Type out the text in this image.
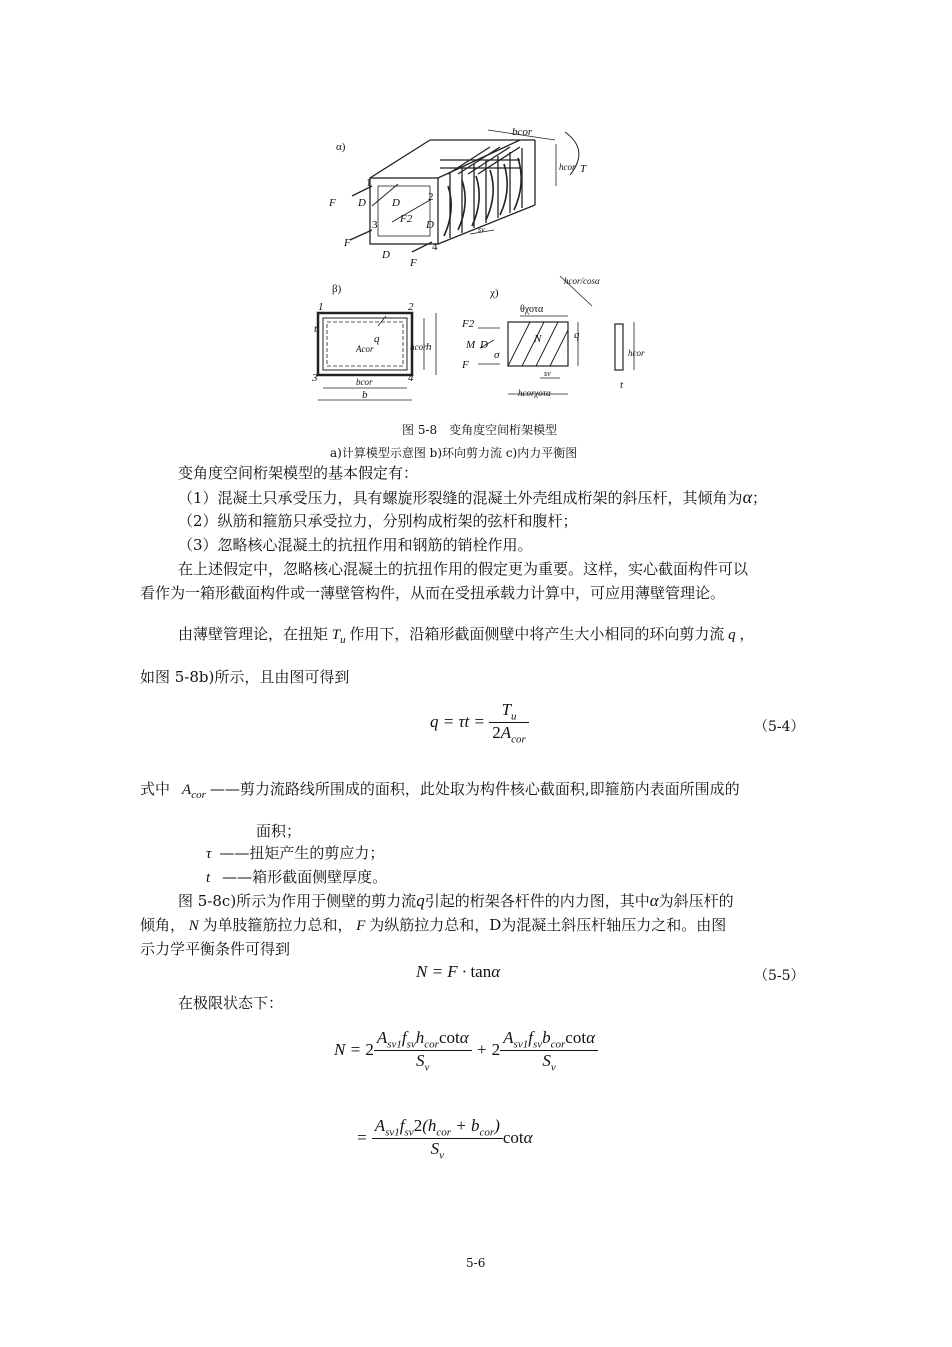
α)
bcor
hcor T
1
F D D
3 F2 D
2
4
F
D
F
sv
β)
1	2
3	4
t
q
Acor	hcor h
bcor
b
χ)
θχοτα
F2
M D
σ
F
N	q
sv
hcorχοτα
hcor
t
hcor/cosα
图 5-8　变角度空间桁架模型
a)计算模型示意图 b)环向剪力流 c)内力平衡图
变角度空间桁架模型的基本假定有：
（1）混凝土只承受压力，具有螺旋形裂缝的混凝土外壳组成桁架的斜压杆，其倾角为α；
（2）纵筋和箍筋只承受拉力，分别构成桁架的弦杆和腹杆；
（3）忽略核心混凝土的抗扭作用和钢筋的销栓作用。
在上述假定中，忽略核心混凝土的抗扭作用的假定更为重要。这样，实心截面构件可以
看作为一箱形截面构件或一薄壁管构件，从而在受扭承载力计算中，可应用薄壁管理论。
由薄壁管理论，在扭矩 $T_u$ 作用下，沿箱形截面侧壁中将产生大小相同的环向剪力流 q ，
如图 5-8b)所示，且由图可得到
$q = \tau t = \frac{T_u}{2A_{cor}}$	（5-4）
式中 $A_{cor}$ ——剪力流路线所围成的面积，此处取为构件核心截面积,即箍筋内表面所围成的
面积；
τ ——扭矩产生的剪应力；
t ——箱形截面侧壁厚度。
图 5-8c)所示为作用于侧壁的剪力流q引起的桁架各杆件的内力图，其中α为斜压杆的
倾角， N 为单肢箍筋拉力总和， F 为纵筋拉力总和，D为混凝土斜压杆轴压力之和。由图
示力学平衡条件可得到
N = F · tanα	（5-5）
在极限状态下：
$N = 2 \frac{A_{sv1}f_{sv}h_{cor}\cot\alpha}{S_v} + 2 \frac{A_{sv1}f_{sv}b_{cor}\cot\alpha}{S_v}$
= $\frac{A_{sv1}f_{sv}2(h_{cor} + b_{cor})}{S_v}$ cotα
5-6
